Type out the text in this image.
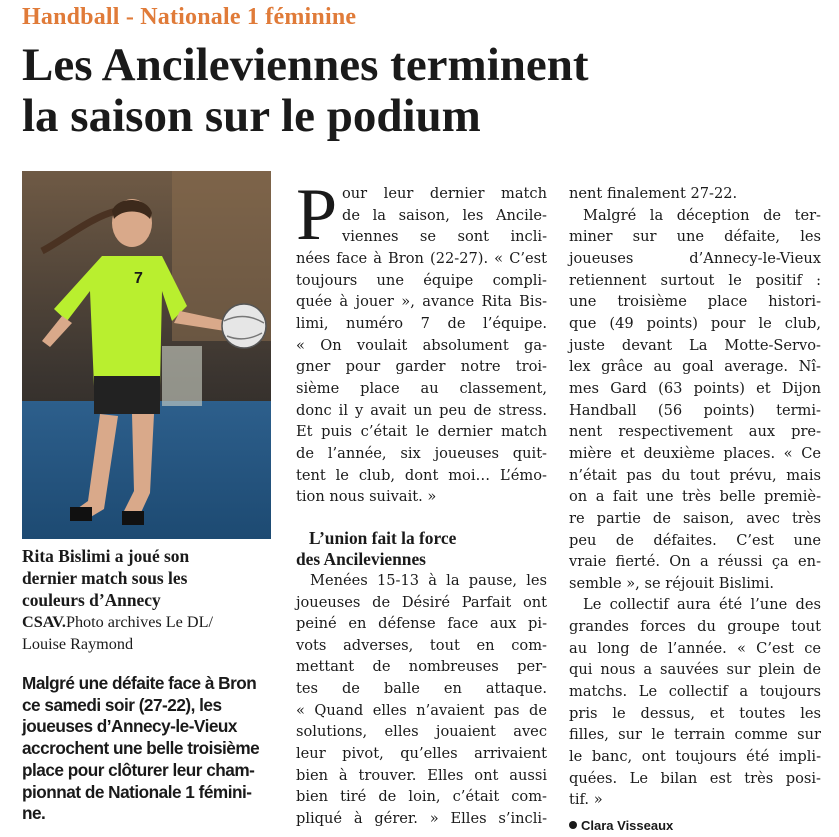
Handball - Nationale 1 féminine
Les Ancileviennes terminent
la saison sur le podium
7
Rita Bislimi a joué son
dernier match sous les
couleurs d’Annecy
CSAV.Photo archives Le DL/
Louise Raymond
Malgré une défaite face à Bron
ce samedi soir (27-22), les
joueuses d’Annecy-le-Vieux
accrochent une belle troisième
place pour clôturer leur cham-
pionnat de Nationale 1 fémini-
ne.
P our leur dernier match
de la saison, les Ancile-
viennes se sont incli-
nées face à Bron (22-27). « C’est
toujours une équipe compli-
quée à jouer », avance Rita Bis-
limi, numéro 7 de l’équipe.
« On voulait absolument ga-
gner pour garder notre troi-
sième place au classement,
donc il y avait un peu de stress.
Et puis c’était le dernier match
de l’année, six joueuses quit-
tent le club, dont moi… L’émo-
tion nous suivait. »
L’union fait la force
des Ancileviennes
Menées 15-13 à la pause, les
joueuses de Désiré Parfait ont
peiné en défense face aux pi-
vots adverses, tout en com-
mettant de nombreuses per-
tes de balle en attaque.
« Quand elles n’avaient pas de
solutions, elles jouaient avec
leur pivot, qu’elles arrivaient
bien à trouver. Elles ont aussi
bien tiré de loin, c’était com-
pliqué à gérer. » Elles s’incli-
nent finalement 27-22.
Malgré la déception de ter-
miner sur une défaite, les
joueuses d’Annecy-le-Vieux
retiennent surtout le positif :
une troisième place histori-
que (49 points) pour le club,
juste devant La Motte-Servo-
lex grâce au goal average. Nî-
mes Gard (63 points) et Dijon
Handball (56 points) termi-
nent respectivement aux pre-
mière et deuxième places. « Ce
n’était pas du tout prévu, mais
on a fait une très belle premiè-
re partie de saison, avec très
peu de défaites. C’est une
vraie fierté. On a réussi ça en-
semble », se réjouit Bislimi.
Le collectif aura été l’une des
grandes forces du groupe tout
au long de l’année. « C’est ce
qui nous a sauvées sur plein de
matchs. Le collectif a toujours
pris le dessus, et toutes les
filles, sur le terrain comme sur
le banc, ont toujours été impli-
quées. Le bilan est très posi-
tif. »
Clara Visseaux
